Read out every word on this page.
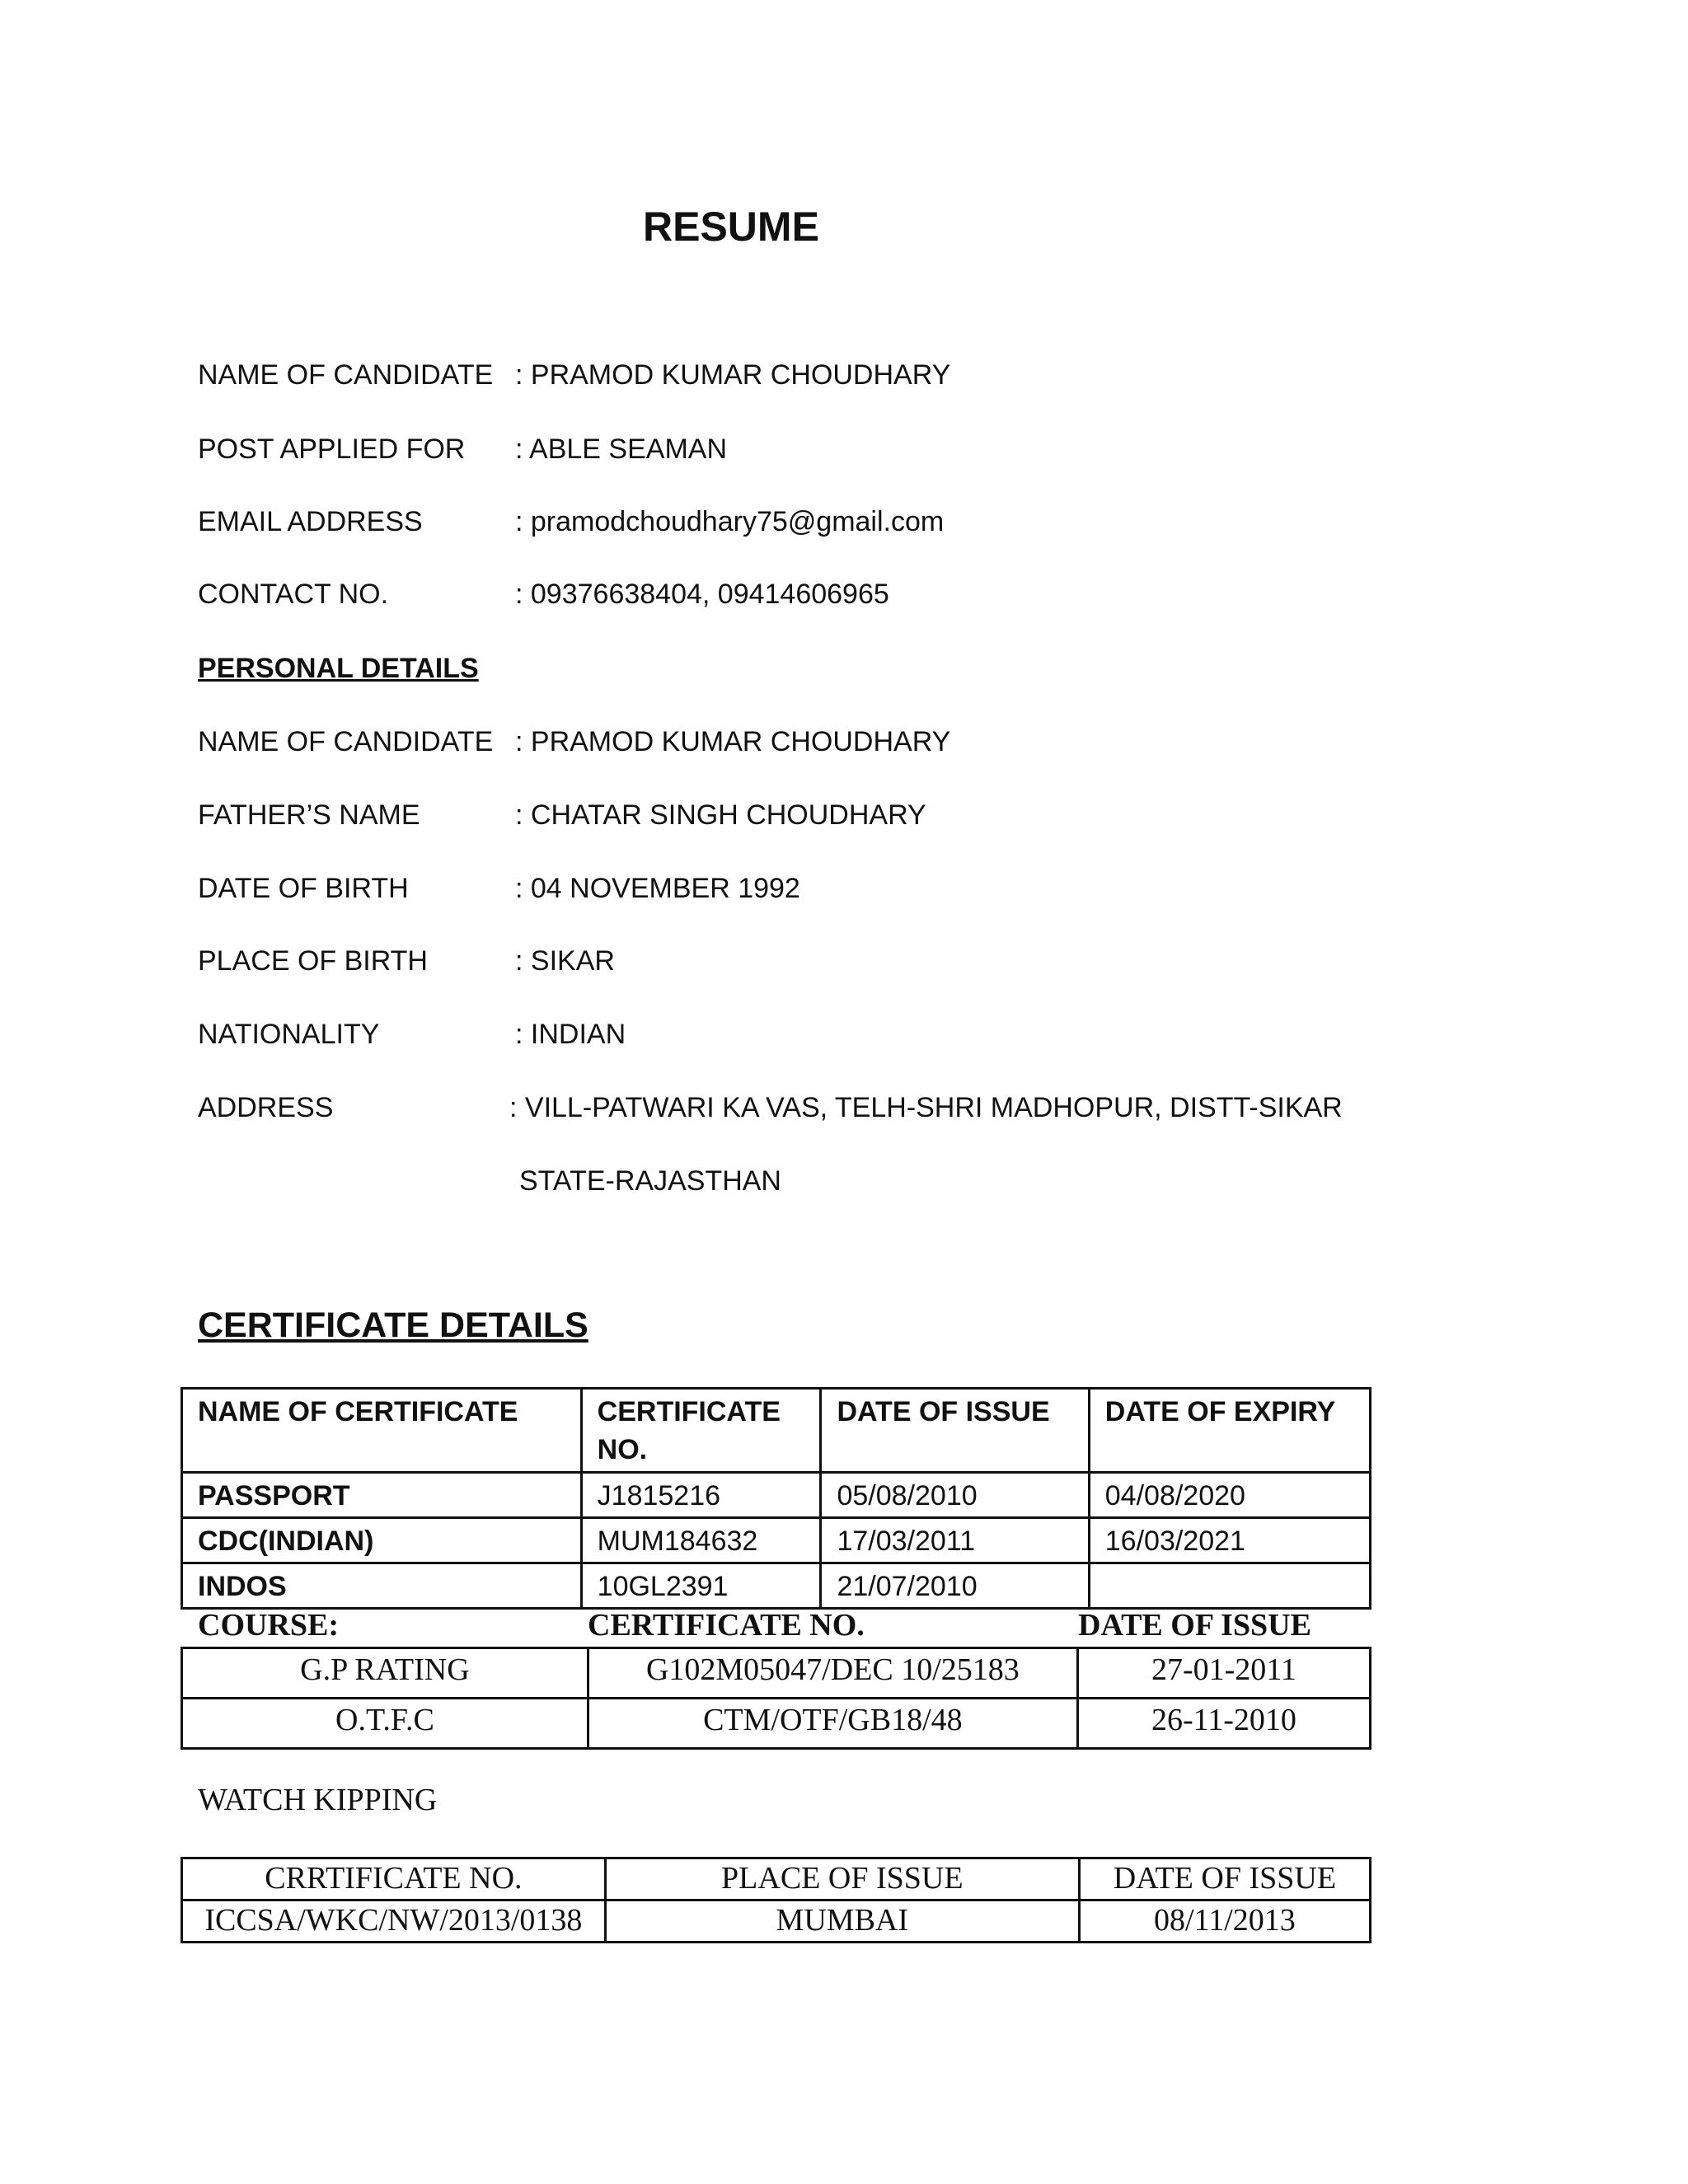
RESUME
NAME OF CANDIDATE : PRAMOD KUMAR CHOUDHARY
POST APPLIED FOR : ABLE SEAMAN
EMAIL ADDRESS	: pramodchoudhary75@gmail.com
CONTACT NO.	: 09376638404, 09414606965
PERSONAL DETAILS
NAME OF CANDIDATE : PRAMOD KUMAR CHOUDHARY
FATHER’S NAME	: CHATAR SINGH CHOUDHARY
DATE OF BIRTH	: 04 NOVEMBER 1992
PLACE OF BIRTH	: SIKAR
NATIONALITY	: INDIAN
ADDRESS	: VILL-PATWARI KA VAS, TELH-SHRI MADHOPUR, DISTT-SIKAR
STATE-RAJASTHAN
CERTIFICATE DETAILS
NAME OF CERTIFICATE	CERTIFICATE NO.	DATE OF ISSUE	DATE OF EXPIRY
PASSPORT	J1815216	05/08/2010	04/08/2020
CDC(INDIAN)	MUM184632	17/03/2011	16/03/2021
INDOS	10GL2391	21/07/2010	
COURSE:	CERTIFICATE NO.	DATE OF ISSUE
G.P RATING	G102M05047/DEC 10/25183	27-01-2011
O.T.F.C	CTM/OTF/GB18/48	26-11-2010
WATCH KIPPING
CRRTIFICATE NO.	PLACE OF ISSUE	DATE OF ISSUE
ICCSA/WKC/NW/2013/0138	MUMBAI	08/11/2013
